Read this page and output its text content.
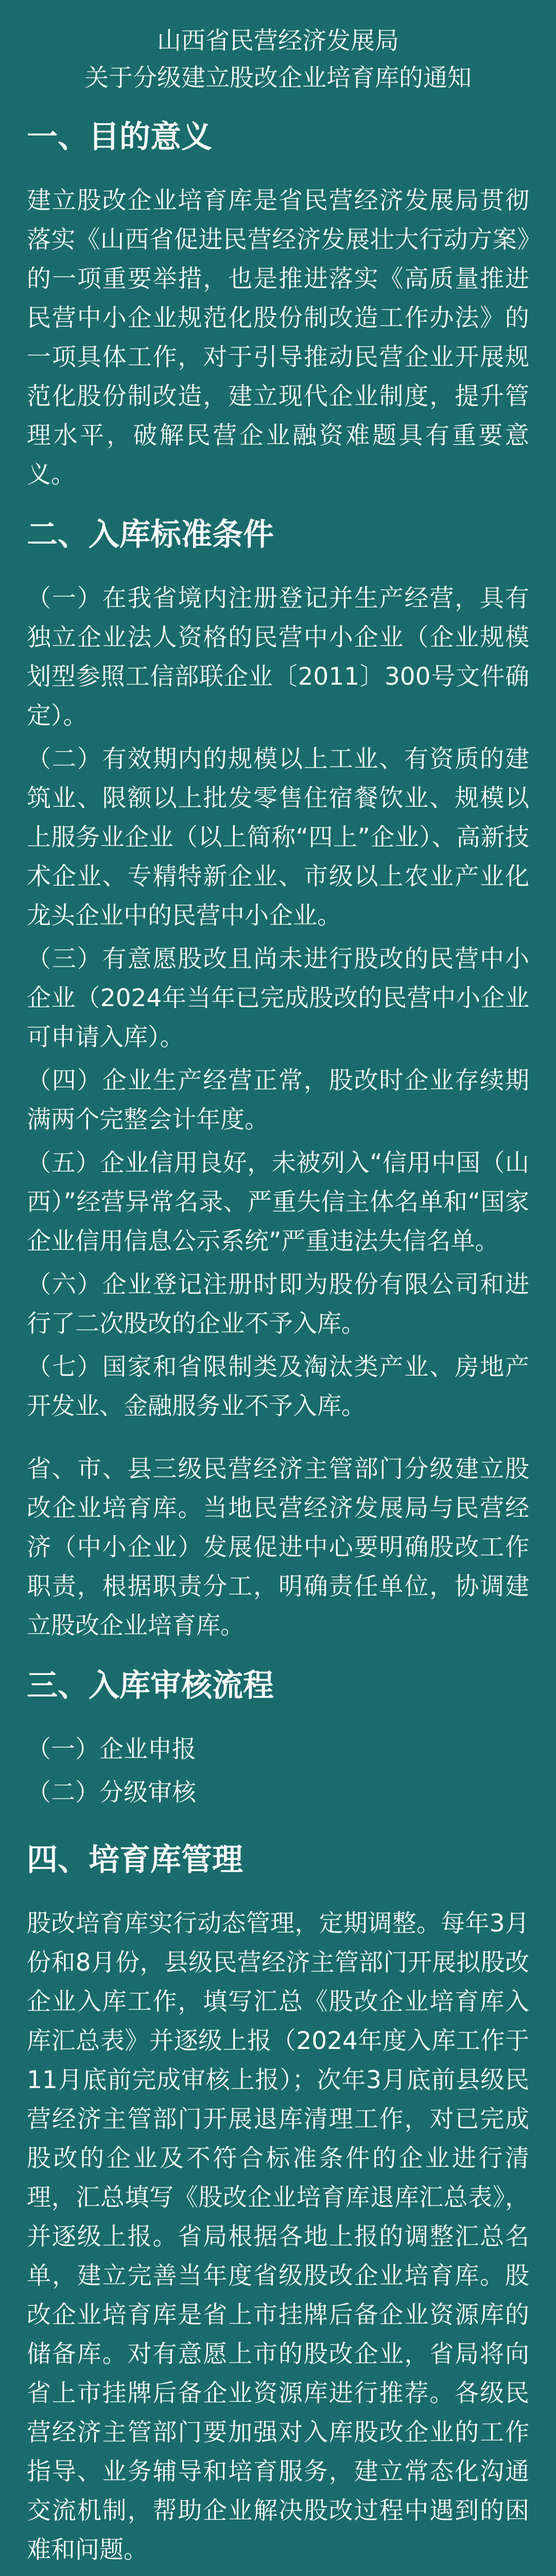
山西省民营经济发展局
关于分级建立股改企业培育库的通知
一、目的意义

建立股改企业培育库是省民营经济发展局贯彻落实《山西省促进民营经济发展壮大行动方案》的一项重要举措，也是推进落实《高质量推进民营中小企业规范化股份制改造工作办法》的一项具体工作，对于引导推动民营企业开展规范化股份制改造，建立现代企业制度，提升管理水平，破解民营企业融资难题具有重要意义。

二、入库标准条件

（一）在我省境内注册登记并生产经营，具有独立企业法人资格的民营中小企业（企业规模划型参照工信部联企业〔2011〕300号文件确定）。

（二）有效期内的规模以上工业、有资质的建筑业、限额以上批发零售住宿餐饮业、规模以上服务业企业（以上简称“四上”企业）、高新技术企业、专精特新企业、市级以上农业产业化龙头企业中的民营中小企业。

（三）有意愿股改且尚未进行股改的民营中小企业（2024年当年已完成股改的民营中小企业可申请入库）。

（四）企业生产经营正常，股改时企业存续期满两个完整会计年度。

（五）企业信用良好，未被列入“信用中国（山西）”经营异常名录、严重失信主体名单和“国家企业信用信息公示系统”严重违法失信名单。

（六）企业登记注册时即为股份有限公司和进行了二次股改的企业不予入库。

（七）国家和省限制类及淘汰类产业、房地产开发业、金融服务业不予入库。

省、市、县三级民营经济主管部门分级建立股改企业培育库。当地民营经济发展局与民营经济（中小企业）发展促进中心要明确股改工作职责，根据职责分工，明确责任单位，协调建立股改企业培育库。

三、入库审核流程

（一）企业申报

（二）分级审核

四、培育库管理

股改培育库实行动态管理，定期调整。每年3月份和8月份，县级民营经济主管部门开展拟股改企业入库工作，填写汇总《股改企业培育库入库汇总表》并逐级上报（2024年度入库工作于11月底前完成审核上报）；次年3月底前县级民营经济主管部门开展退库清理工作，对已完成股改的企业及不符合标准条件的企业进行清理，汇总填写《股改企业培育库退库汇总表》，并逐级上报。省局根据各地上报的调整汇总名单，建立完善当年度省级股改企业培育库。股改企业培育库是省上市挂牌后备企业资源库的储备库。对有意愿上市的股改企业，省局将向省上市挂牌后备企业资源库进行推荐。各级民营经济主管部门要加强对入库股改企业的工作指导、业务辅导和培育服务，建立常态化沟通交流机制，帮助企业解决股改过程中遇到的困难和问题。
